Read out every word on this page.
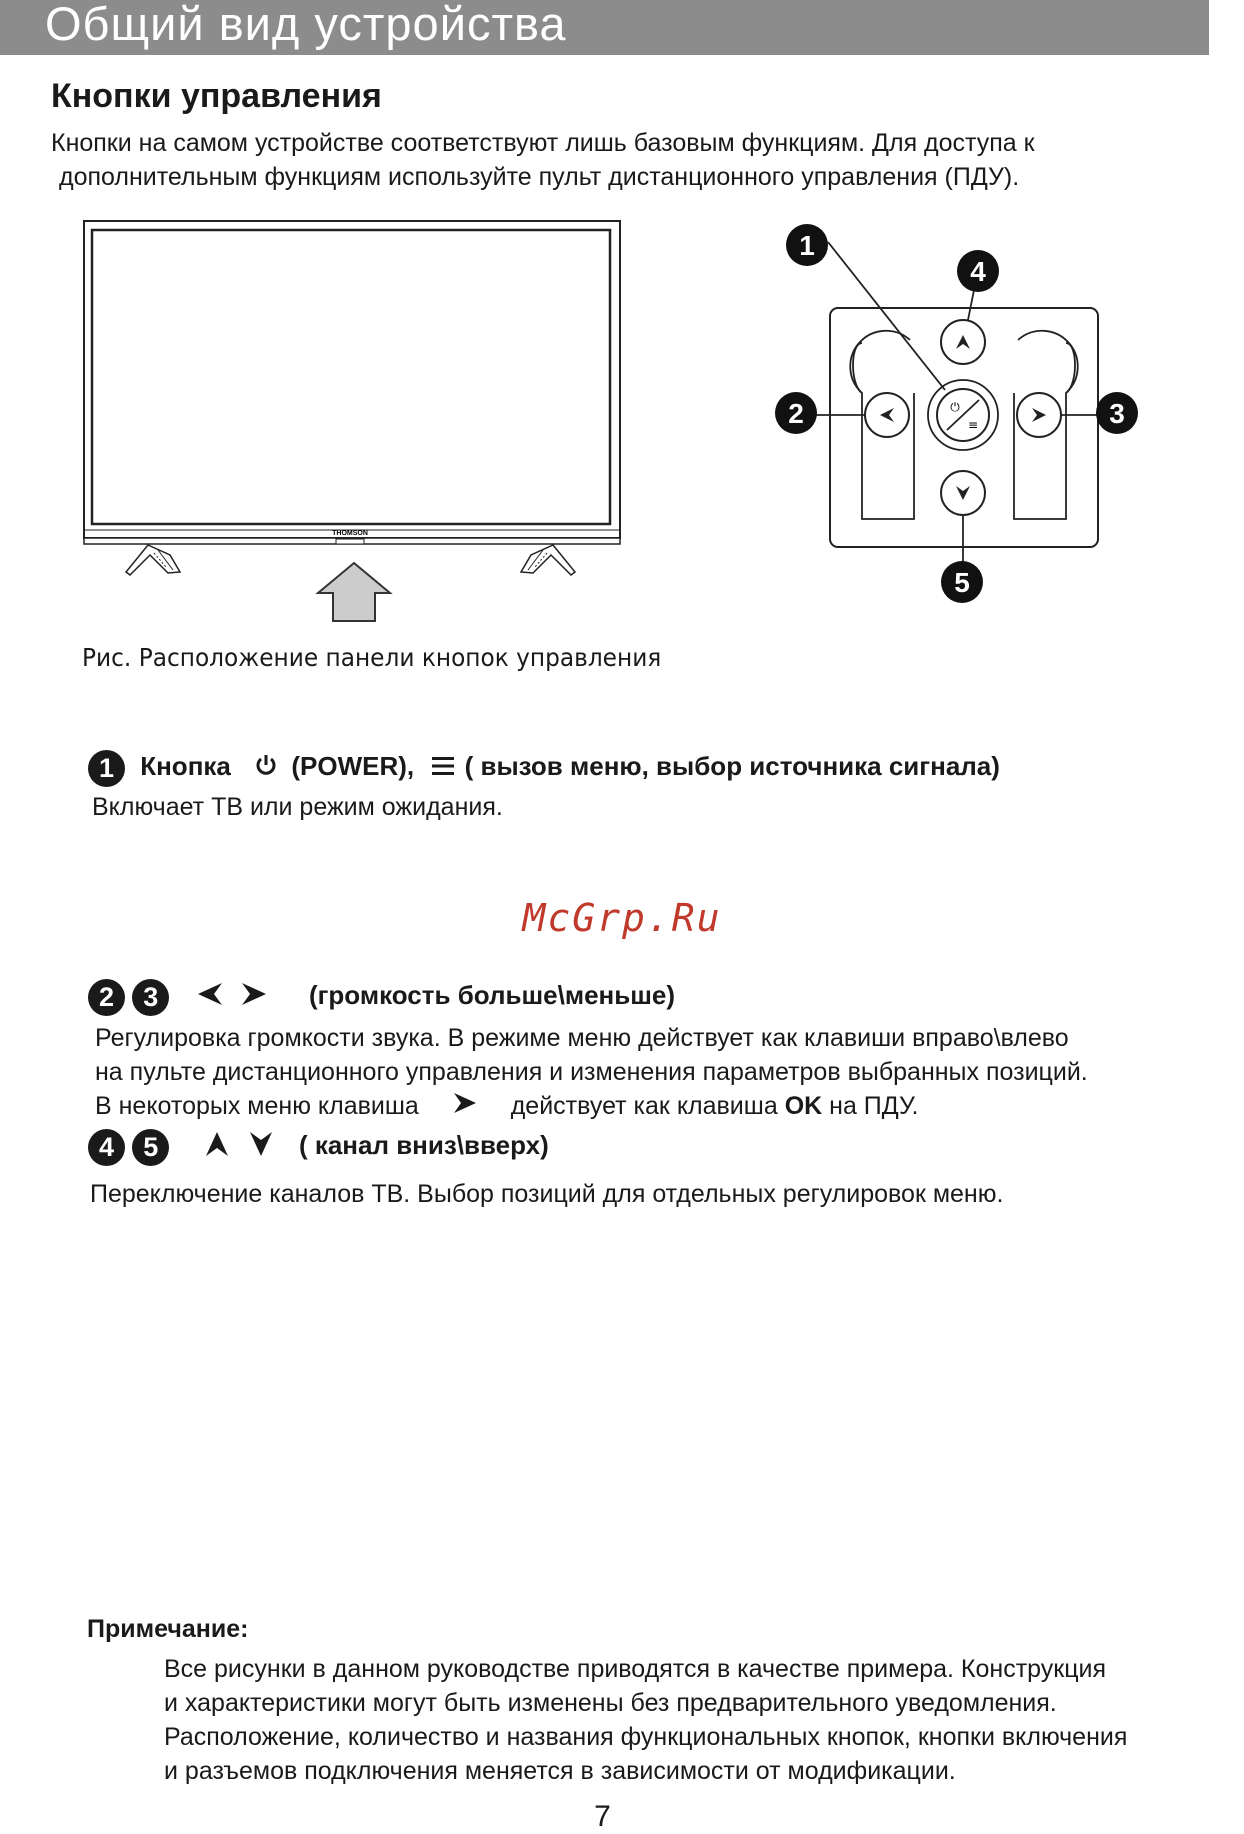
Общий вид устройства
Кнопки управления
Кнопки на самом устройстве соответствуют лишь базовым функциям. Для доступа к
дополнительным функциям используйте пульт дистанционного управления (ПДУ).
THOMSON
⏻
≡
1
4
2	3
5
Рис. Расположение панели кнопок управления
1 Кнопка (POWER), ( вызов меню, выбор источника сигнала)
Включает ТВ или режим ожидания.
McGrp.Ru
2 3	(громкость больше\меньше)
Регулировка громкости звука. В режиме меню действует как клавиши вправо\влево
на пульте дистанционного управления и изменения параметров выбранных позиций.
В некоторых меню клавиша	действует как клавиша OK на ПДУ.
4 5	( канал вниз\вверх)
Переключение каналов ТВ. Выбор позиций для отдельных регулировок меню.
Примечание:
Все рисунки в данном руководстве приводятся в качестве примера. Конструкция
и характеристики могут быть изменены без предварительного уведомления.
Расположение, количество и названия функциональных кнопок, кнопки включения
и разъемов подключения меняется в зависимости от модификации.
7
